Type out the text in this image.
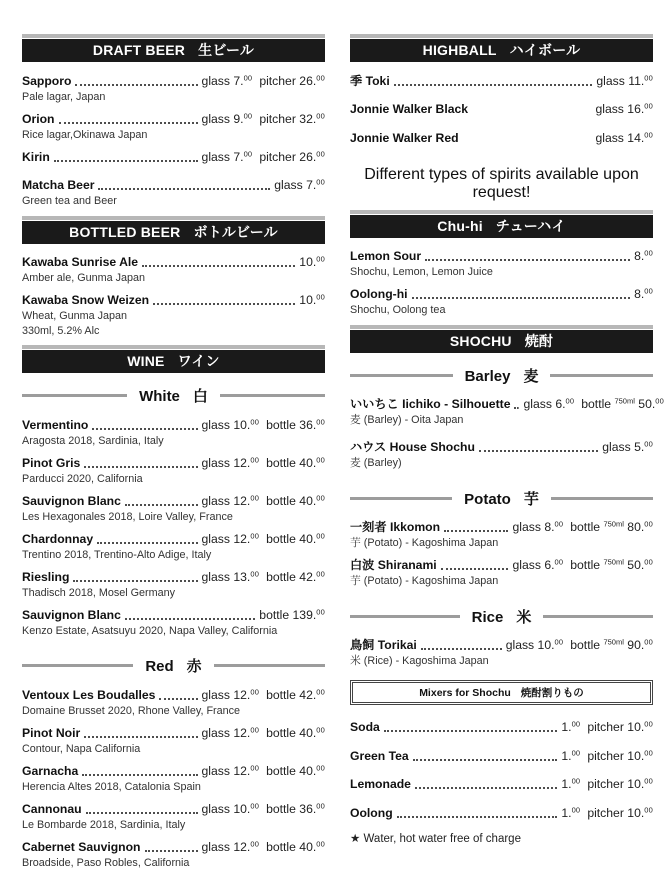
DRAFT BEER 生ビール
Sapporo	glass 7.00 pitcher 26.00
Pale lagar, Japan
Orion	glass 9.00 pitcher 32.00
Rice lagar,Okinawa Japan
Kirin	glass 7.00 pitcher 26.00
Matcha Beer	glass 7.00
Green tea and Beer
BOTTLED BEER ボトルビール
Kawaba Sunrise Ale	10.00
Amber ale, Gunma Japan
Kawaba Snow Weizen	10.00
Wheat, Gunma Japan
330ml, 5.2% Alc
WINE ワイン
White 白
Vermentino	glass 10.00 bottle 36.00
Aragosta 2018, Sardinia, Italy
Pinot Gris	glass 12.00 bottle 40.00
Parducci 2020, California
Sauvignon Blanc	glass 12.00 bottle 40.00
Les Hexagonales 2018, Loire Valley, France
Chardonnay	glass 12.00 bottle 40.00
Trentino 2018, Trentino-Alto Adige, Italy
Riesling	glass 13.00 bottle 42.00
Thadisch 2018, Mosel Germany
Sauvignon Blanc	bottle 139.00
Kenzo Estate, Asatsuyu 2020, Napa Valley, California
Red 赤
Ventoux Les Boudalles	glass 12.00 bottle 42.00
Domaine Brusset 2020, Rhone Valley, France
Pinot Noir	glass 12.00 bottle 40.00
Contour, Napa California
Garnacha	glass 12.00 bottle 40.00
Herencia Altes 2018, Catalonia Spain
Cannonau	glass 10.00 bottle 36.00
Le Bombarde 2018, Sardinia, Italy
Cabernet Sauvignon	glass 12.00 bottle 40.00
Broadside, Paso Robles, California
HIGHBALL ハイボール
季 Toki	glass 11.00
Jonnie Walker Black	glass 16.00
Jonnie Walker Red	glass 14.00
Different types of spirits available upon request!
Chu-hi チューハイ
Lemon Sour	8.00
Shochu, Lemon, Lemon Juice
Oolong-hi	8.00
Shochu, Oolong tea
SHOCHU 焼酎
Barley 麦
いいちこ Iichiko - Silhouette glass 6.00 bottle $^{750ml}$ 50.00
麦 (Barley) - Oita Japan
ハウス House Shochu	glass 5.00
麦 (Barley)
Potato 芋
一刻者 Ikkomon	glass 8.00 bottle $^{750ml}$ 80.00
芋 (Potato) - Kagoshima Japan
白波 Shiranami	glass 6.00 bottle $^{750ml}$ 50.00
芋 (Potato) - Kagoshima Japan
Rice 米
鳥飼 Torikai	glass 10.00 bottle $^{750ml}$ 90.00
米 (Rice) - Kagoshima Japan
Mixers for Shochu 焼酎割りもの
Soda	1.00 pitcher 10.00
Green Tea	1.00 pitcher 10.00
Lemonade	1.00 pitcher 10.00
Oolong	1.00 pitcher 10.00
★ Water, hot water free of charge
